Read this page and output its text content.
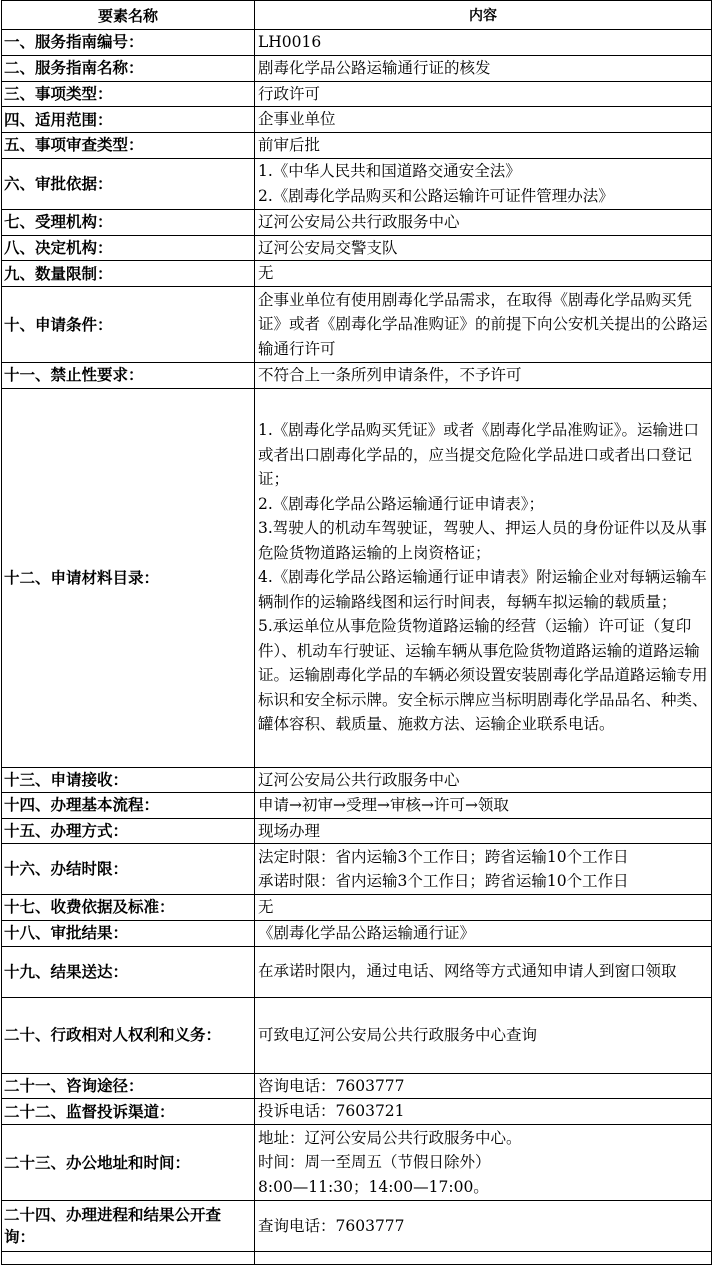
要素名称	内容
一、服务指南编号：	LH0016

二、服务指南名称：	剧毒化学品公路运输通行证的核发

三、事项类型：	行政许可

四、适用范围：	企事业单位

五、事项审查类型：	前审后批

六、审批依据：	1.《中华人民共和国道路交通安全法》
2.《剧毒化学品购买和公路运输许可证件管理办法》

七、受理机构：	辽河公安局公共行政服务中心

八、决定机构：	辽河公安局交警支队

九、数量限制：	无

十、申请条件：	企事业单位有使用剧毒化学品需求，在取得《剧毒化学品购买凭证》或者《剧毒化学品准购证》的前提下向公安机关提出的公路运输通行许可

十一、禁止性要求：	不符合上一条所列申请条件，不予许可

十二、申请材料目录：	1.《剧毒化学品购买凭证》或者《剧毒化学品准购证》。运输进口或者出口剧毒化学品的，应当提交危险化学品进口或者出口登记证；
2.《剧毒化学品公路运输通行证申请表》；
3.驾驶人的机动车驾驶证，驾驶人、押运人员的身份证件以及从事危险货物道路运输的上岗资格证；
4.《剧毒化学品公路运输通行证申请表》附运输企业对每辆运输车辆制作的运输路线图和运行时间表，每辆车拟运输的载质量；
5.承运单位从事危险货物道路运输的经营（运输）许可证（复印件）、机动车行驶证、运输车辆从事危险货物道路运输的道路运输证。运输剧毒化学品的车辆必须设置安装剧毒化学品道路运输专用标识和安全标示牌。安全标示牌应当标明剧毒化学品品名、种类、罐体容积、载质量、施救方法、运输企业联系电话。

十三、申请接收：	辽河公安局公共行政服务中心

十四、办理基本流程：	申请→初审→受理→审核→许可→领取

十五、办理方式：	现场办理

十六、办结时限：	法定时限：省内运输3个工作日；跨省运输10个工作日
承诺时限：省内运输3个工作日；跨省运输10个工作日

十七、收费依据及标准：	无

十八、审批结果：	《剧毒化学品公路运输通行证》

十九、结果送达：	在承诺时限内，通过电话、网络等方式通知申请人到窗口领取

二十、行政相对人权利和义务：	可致电辽河公安局公共行政服务中心查询

二十一、咨询途径：	咨询电话：7603777

二十二、监督投诉渠道：	投诉电话：7603721

二十三、办公地址和时间：	地址：辽河公安局公共行政服务中心。
时间：周一至周五（节假日除外）
8:00—11:30；14:00—17:00。

二十四、办理进程和结果公开查询：	查询电话：7603777
